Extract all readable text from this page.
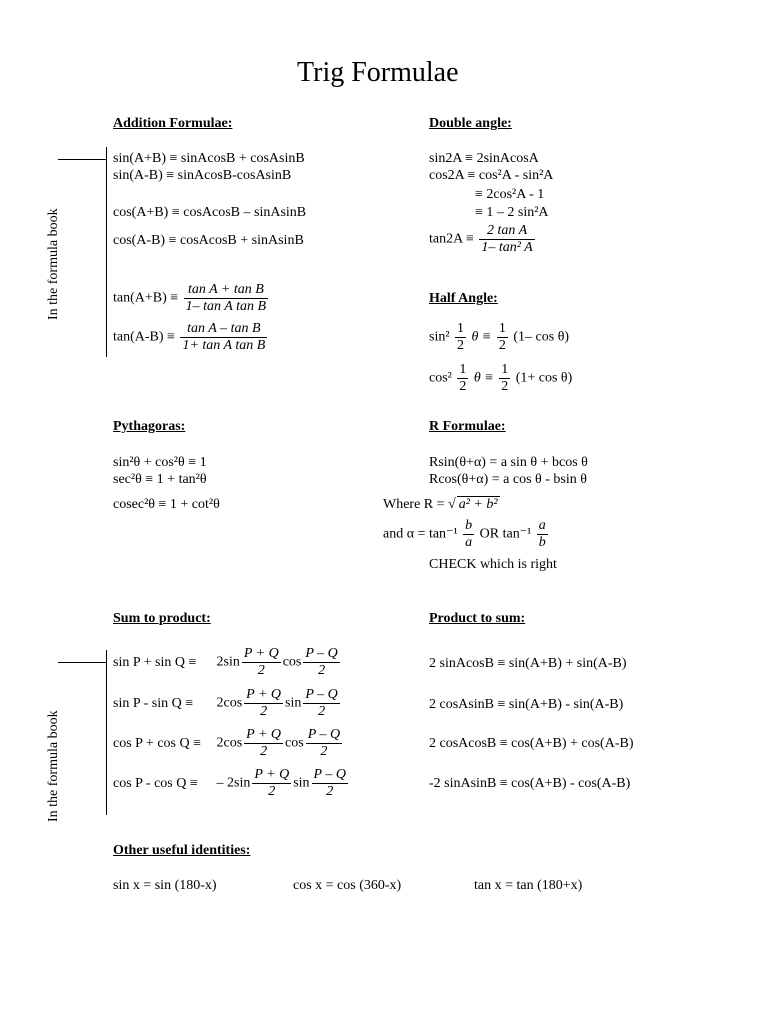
Trig Formulae
In the formula book
In the formula book
Addition Formulae:
sin(A+B) ≡ sinAcosB + cosAsinB
sin(A-B) ≡ sinAcosB-cosAsinB
cos(A+B) ≡ cosAcosB – sinAsinB
cos(A-B) ≡ cosAcosB + sinAsinB
$\tan(A+B) \equiv \frac{\text{tan A + tan B}}{\text{1– tan A tan B}}$
$\tan(A-B) \equiv \frac{\text{tan A – tan B}}{\text{1+ tan A tan B}}$
Double angle:
sin2A ≡ 2sinAcosA
cos2A ≡ cos²A - sin²A
≡ 2cos²A - 1
≡ 1 – 2 sin²A
$\tan 2A \equiv \frac{\text{2 tan A}}{\text{1– tan² A}}$
Half Angle:
$\sin^2 \frac{1}{2}$ $\theta \equiv \frac{1}{2} (1-$ cos θ)
$\cos^2 \frac{1}{2}$ $\theta \equiv \frac{1}{2} (1+ \cos \theta)$
Pythagoras:
sin²θ + cos²θ ≡ 1
sec²θ ≡ 1 + tan²θ
cosec²θ ≡ 1 + cot²θ
R Formulae:
Rsin(θ+α) = a sin θ + bcos θ
Rcos(θ+α) = a cos θ - bsin θ
Where R = √ a² + b²
and $\alpha = \tan^{-1} \frac{b}{a}$ OR $\tan^{-1} \frac{a}{b}$
CHECK which is right
Sum to product:	Product to sum:
2 sinAcosB ≡ sin(A+B) + sin(A-B)
2 cosAsinB ≡ sin(A+B) - sin(A-B)
2 cosAcosB ≡ cos(A+B) + cos(A-B)
-2 sinAsinB ≡ cos(A+B) - cos(A-B)
Other useful identities:
sin x = sin (180-x)	cos x = cos (360-x)	tan x = tan (180+x)
$\sin P + \sin Q \equiv 2\sin \frac{P + Q}{2}$ $\cos \frac{P - Q}{2}$
$\sin P - \sin Q \equiv 2\cos \frac{P + Q}{2}$ $\sin \frac{P - Q}{2}$
$\cos P + \cos Q \equiv 2\cos \frac{P + Q}{2}$ $\cos \frac{P - Q}{2}$
cos P - cos Q ≡ – $2\sin \frac{P + Q}{2}$ $\sin \frac{P - Q}{2}$
